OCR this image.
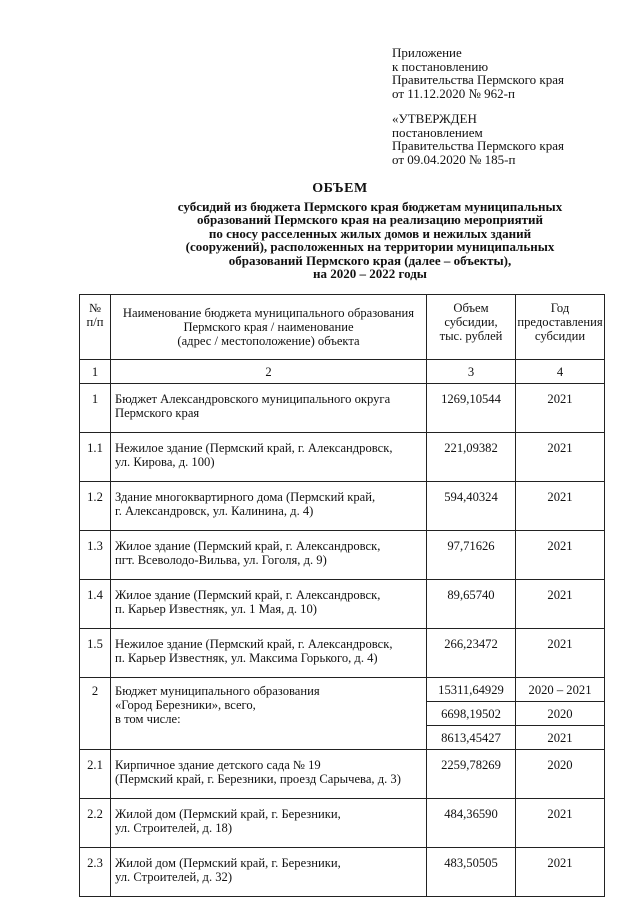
Приложение
к постановлению
Правительства Пермского края
от 11.12.2020 № 962-п
«УТВЕРЖДЕН
постановлением
Правительства Пермского края
от 09.04.2020 № 185-п
ОБЪЕМ
субсидий из бюджета Пермского края бюджетам муниципальных
образований Пермского края на реализацию мероприятий
по сносу расселенных жилых домов и нежилых зданий
(сооружений), расположенных на территории муниципальных
образований Пермского края (далее – объекты),
на 2020 – 2022 годы
№
п/п	Наименование бюджета муниципального образования
Пермского края / наименование
(адрес / местоположение) объекта	Объем
субсидии,
тыс. рублей	Год
предоставления
субсидии

1	2	3	4
1	Бюджет Александровского муниципального округа
Пермского края	1269,10544	2021
1.1	Нежилое здание (Пермский край, г. Александровск,
ул. Кирова, д. 100)	221,09382	2021
1.2	Здание многоквартирного дома (Пермский край,
г. Александровск, ул. Калинина, д. 4)	594,40324	2021
1.3	Жилое здание (Пермский край, г. Александровск,
пгт. Всеволодо-Вильва, ул. Гоголя, д. 9)	97,71626	2021
1.4	Жилое здание (Пермский край, г. Александровск,
п. Карьер Известняк, ул. 1 Мая, д. 10)	89,65740	2021
1.5	Нежилое здание (Пермский край, г. Александровск,
п. Карьер Известняк, ул. Максима Горького, д. 4)	266,23472	2021
2	Бюджет муниципального образования
«Город Березники», всего,
в том числе:	15311,64929	2020 – 2021
		6698,19502	2020
		8613,45427	2021
2.1	Кирпичное здание детского сада № 19
(Пермский край, г. Березники, проезд Сарычева, д. 3)	2259,78269	2020
2.2	Жилой дом (Пермский край, г. Березники,
ул. Строителей, д. 18)	484,36590	2021
2.3	Жилой дом (Пермский край, г. Березники,
ул. Строителей, д. 32)	483,50505	2021
